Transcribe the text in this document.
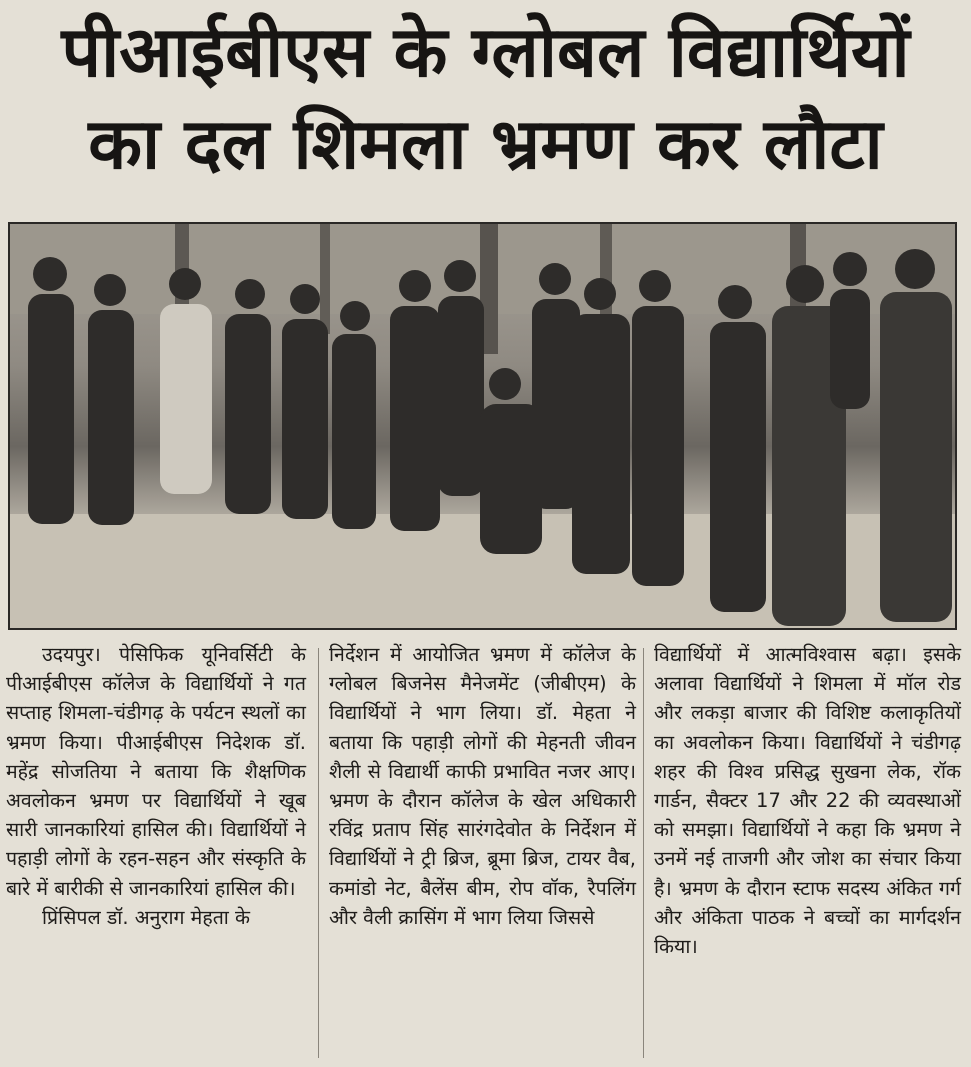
पीआईबीएस के ग्लोबल विद्यार्थियों
का दल शिमला भ्रमण कर लौटा

उदयपुर। पेसिफिक यूनिवर्सिटी के पीआईबीएस कॉलेज के विद्यार्थियों ने गत सप्ताह शिमला-चंडीगढ़ के पर्यटन स्थलों का भ्रमण किया। पीआईबीएस निदेशक डॉ. महेंद्र सोजतिया ने बताया कि शैक्षणिक अवलोकन भ्रमण पर विद्यार्थियों ने खूब सारी जानकारियां हासिल की। विद्यार्थियों ने पहाड़ी लोगों के रहन-सहन और संस्कृति के बारे में बारीकी से जानकारियां हासिल की।

प्रिंसिपल डॉ. अनुराग मेहता के

निर्देशन में आयोजित भ्रमण में कॉलेज के ग्लोबल बिजनेस मैनेजमेंट (जीबीएम) के विद्यार्थियों ने भाग लिया। डॉ. मेहता ने बताया कि पहाड़ी लोगों की मेहनती जीवन शैली से विद्यार्थी काफी प्रभावित नजर आए। भ्रमण के दौरान कॉलेज के खेल अधिकारी रविंद्र प्रताप सिंह सारंगदेवोत के निर्देशन में विद्यार्थियों ने ट्री ब्रिज, ब्रूमा ब्रिज, टायर वैब, कमांडो नेट, बैलेंस बीम, रोप वॉक, रैपलिंग और वैली क्रासिंग में भाग लिया जिससे

विद्यार्थियों में आत्मविश्वास बढ़ा। इसके अलावा विद्यार्थियों ने शिमला में मॉल रोड और लकड़ा बाजार की विशिष्ट कलाकृतियों का अवलोकन किया। विद्यार्थियों ने चंडीगढ़ शहर की विश्व प्रसिद्ध सुखना लेक, रॉक गार्डन, सैक्टर 17 और 22 की व्यवस्थाओं को समझा। विद्यार्थियों ने कहा कि भ्रमण ने उनमें नई ताजगी और जोश का संचार किया है। भ्रमण के दौरान स्टाफ सदस्य अंकित गर्ग और अंकिता पाठक ने बच्चों का मार्गदर्शन किया।
